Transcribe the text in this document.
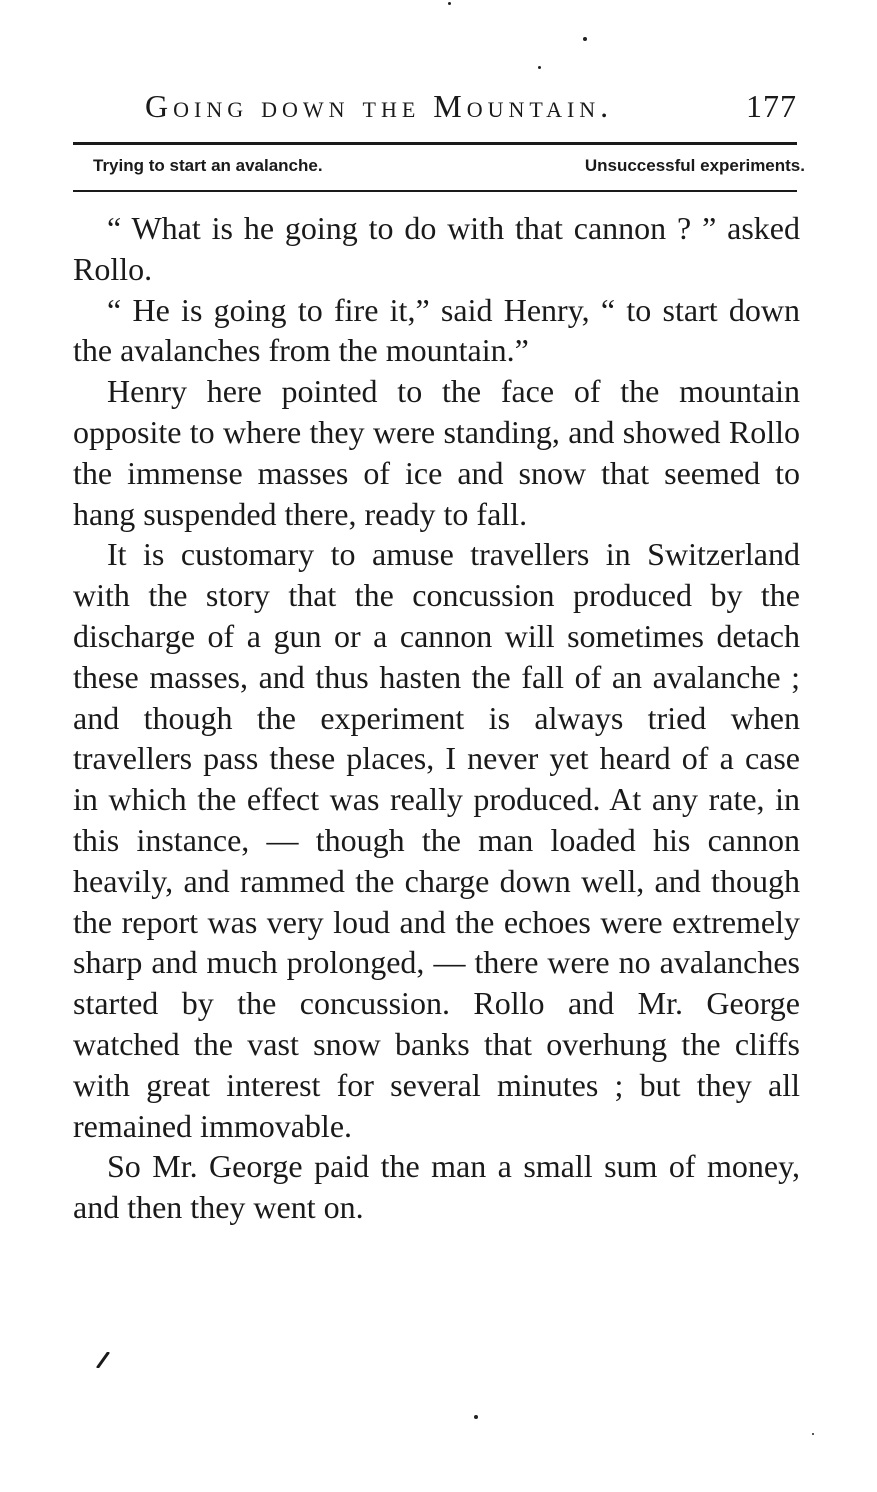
Going down the Mountain.	177
Trying to start an avalanche.	Unsuccessful experiments.

“ What is he going to do with that cannon ? ” asked Rollo.

“ He is going to fire it,” said Henry, “ to start down the avalanches from the mountain.”

Henry here pointed to the face of the mountain opposite to where they were standing, and showed Rollo the immense masses of ice and snow that seemed to hang suspended there, ready to fall.

It is customary to amuse travellers in Switzerland with the story that the concussion produced by the discharge of a gun or a cannon will sometimes detach these masses, and thus hasten the fall of an avalanche ; and though the experiment is always tried when travellers pass these places, I never yet heard of a case in which the effect was really produced. At any rate, in this instance, — though the man loaded his cannon heavily, and rammed the charge down well, and though the report was very loud and the echoes were extremely sharp and much prolonged, — there were no avalanches started by the concussion. Rollo and Mr. George watched the vast snow banks that overhung the cliffs with great interest for several minutes ; but they all remained immovable.

So Mr. George paid the man a small sum of money, and then they went on.
